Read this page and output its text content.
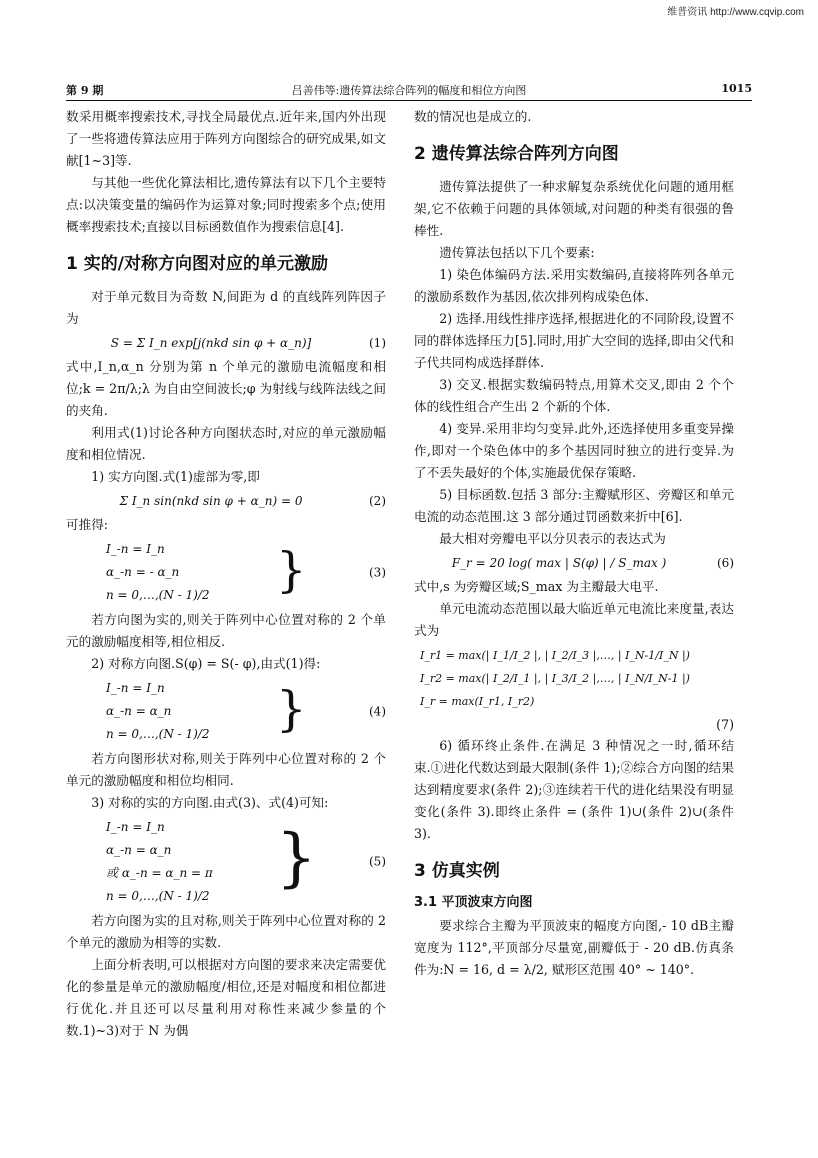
维普资讯 http://www.cqvip.com
第 9 期	吕善伟等:遗传算法综合阵列的幅度和相位方向图	1015

数采用概率搜索技术,寻找全局最优点.近年来,国内外出现了一些将遗传算法应用于阵列方向图综合的研究成果,如文献[1~3]等.

与其他一些优化算法相比,遗传算法有以下几个主要特点:以决策变量的编码作为运算对象;同时搜索多个点;使用概率搜索技术;直接以目标函数值作为搜索信息[4].

1 实的/对称方向图对应的单元激励

对于单元数目为奇数 N,间距为 d 的直线阵列阵因子为

S = Σ I_n exp[j(nkd sin φ + α_n)]	(1)

式中,I_n,α_n 分别为第 n 个单元的激励电流幅度和相位;k = 2π/λ;λ 为自由空间波长;φ 为射线与线阵法线之间的夹角.

利用式(1)讨论各种方向图状态时,对应的单元激励幅度和相位情况.

1) 实方向图.式(1)虚部为零,即

Σ I_n sin(nkd sin φ + α_n) = 0	(2)

可推得:

I_-n = I_n
α_-n = - α_n
n = 0,…,(N - 1)/2	}	(3)

若方向图为实的,则关于阵列中心位置对称的 2 个单元的激励幅度相等,相位相反.

2) 对称方向图.S(φ) = S(- φ),由式(1)得:

I_-n = I_n
α_-n = α_n
n = 0,…,(N - 1)/2	}	(4)

若方向图形状对称,则关于阵列中心位置对称的 2 个单元的激励幅度和相位均相同.

3) 对称的实的方向图.由式(3)、式(4)可知:

I_-n = I_n
α_-n = α_n
或 α_-n = α_n = π
n = 0,…,(N - 1)/2
}	(5)

若方向图为实的且对称,则关于阵列中心位置对称的 2 个单元的激励为相等的实数.

上面分析表明,可以根据对方向图的要求来决定需要优化的参量是单元的激励幅度/相位,还是对幅度和相位都进行优化.并且还可以尽量利用对称性来减少参量的个数.1)~3)对于 N 为偶

数的情况也是成立的.

2 遗传算法综合阵列方向图

遗传算法提供了一种求解复杂系统优化问题的通用框架,它不依赖于问题的具体领域,对问题的种类有很强的鲁棒性.

遗传算法包括以下几个要素:

1) 染色体编码方法.采用实数编码,直接将阵列各单元的激励系数作为基因,依次排列构成染色体.

2) 选择.用线性排序选择,根据进化的不同阶段,设置不同的群体选择压力[5].同时,用扩大空间的选择,即由父代和子代共同构成选择群体.

3) 交叉.根据实数编码特点,用算术交叉,即由 2 个个体的线性组合产生出 2 个新的个体.

4) 变异.采用非均匀变异.此外,还选择使用多重变异操作,即对一个染色体中的多个基因同时独立的进行变异.为了不丢失最好的个体,实施最优保存策略.

5) 目标函数.包括 3 部分:主瓣赋形区、旁瓣区和单元电流的动态范围.这 3 部分通过罚函数来折中[6].

最大相对旁瓣电平以分贝表示的表达式为

F_r = 20 log( max | S(φ) | / S_max )	(6)

式中,s 为旁瓣区域;S_max 为主瓣最大电平.

单元电流动态范围以最大临近单元电流比来度量,表达式为

I_r1 = max(| I_1/I_2 |, | I_2/I_3 |,…, | I_N-1/I_N |)
I_r2 = max(| I_2/I_1 |, | I_3/I_2 |,…, | I_N/I_N-1 |)
I_r = max(I_r1, I_r2)
(7)

6) 循环终止条件.在满足 3 种情况之一时,循环结束.①进化代数达到最大限制(条件 1);②综合方向图的结果达到精度要求(条件 2);③连续若干代的进化结果没有明显变化(条件 3).即终止条件 = (条件 1)∪(条件 2)∪(条件 3).

3 仿真实例
3.1 平顶波束方向图

要求综合主瓣为平顶波束的幅度方向图,- 10 dB主瓣宽度为 112°,平顶部分尽量宽,副瓣低于 - 20 dB.仿真条件为:N = 16, d = λ/2, 赋形区范围 40° ~ 140°.
